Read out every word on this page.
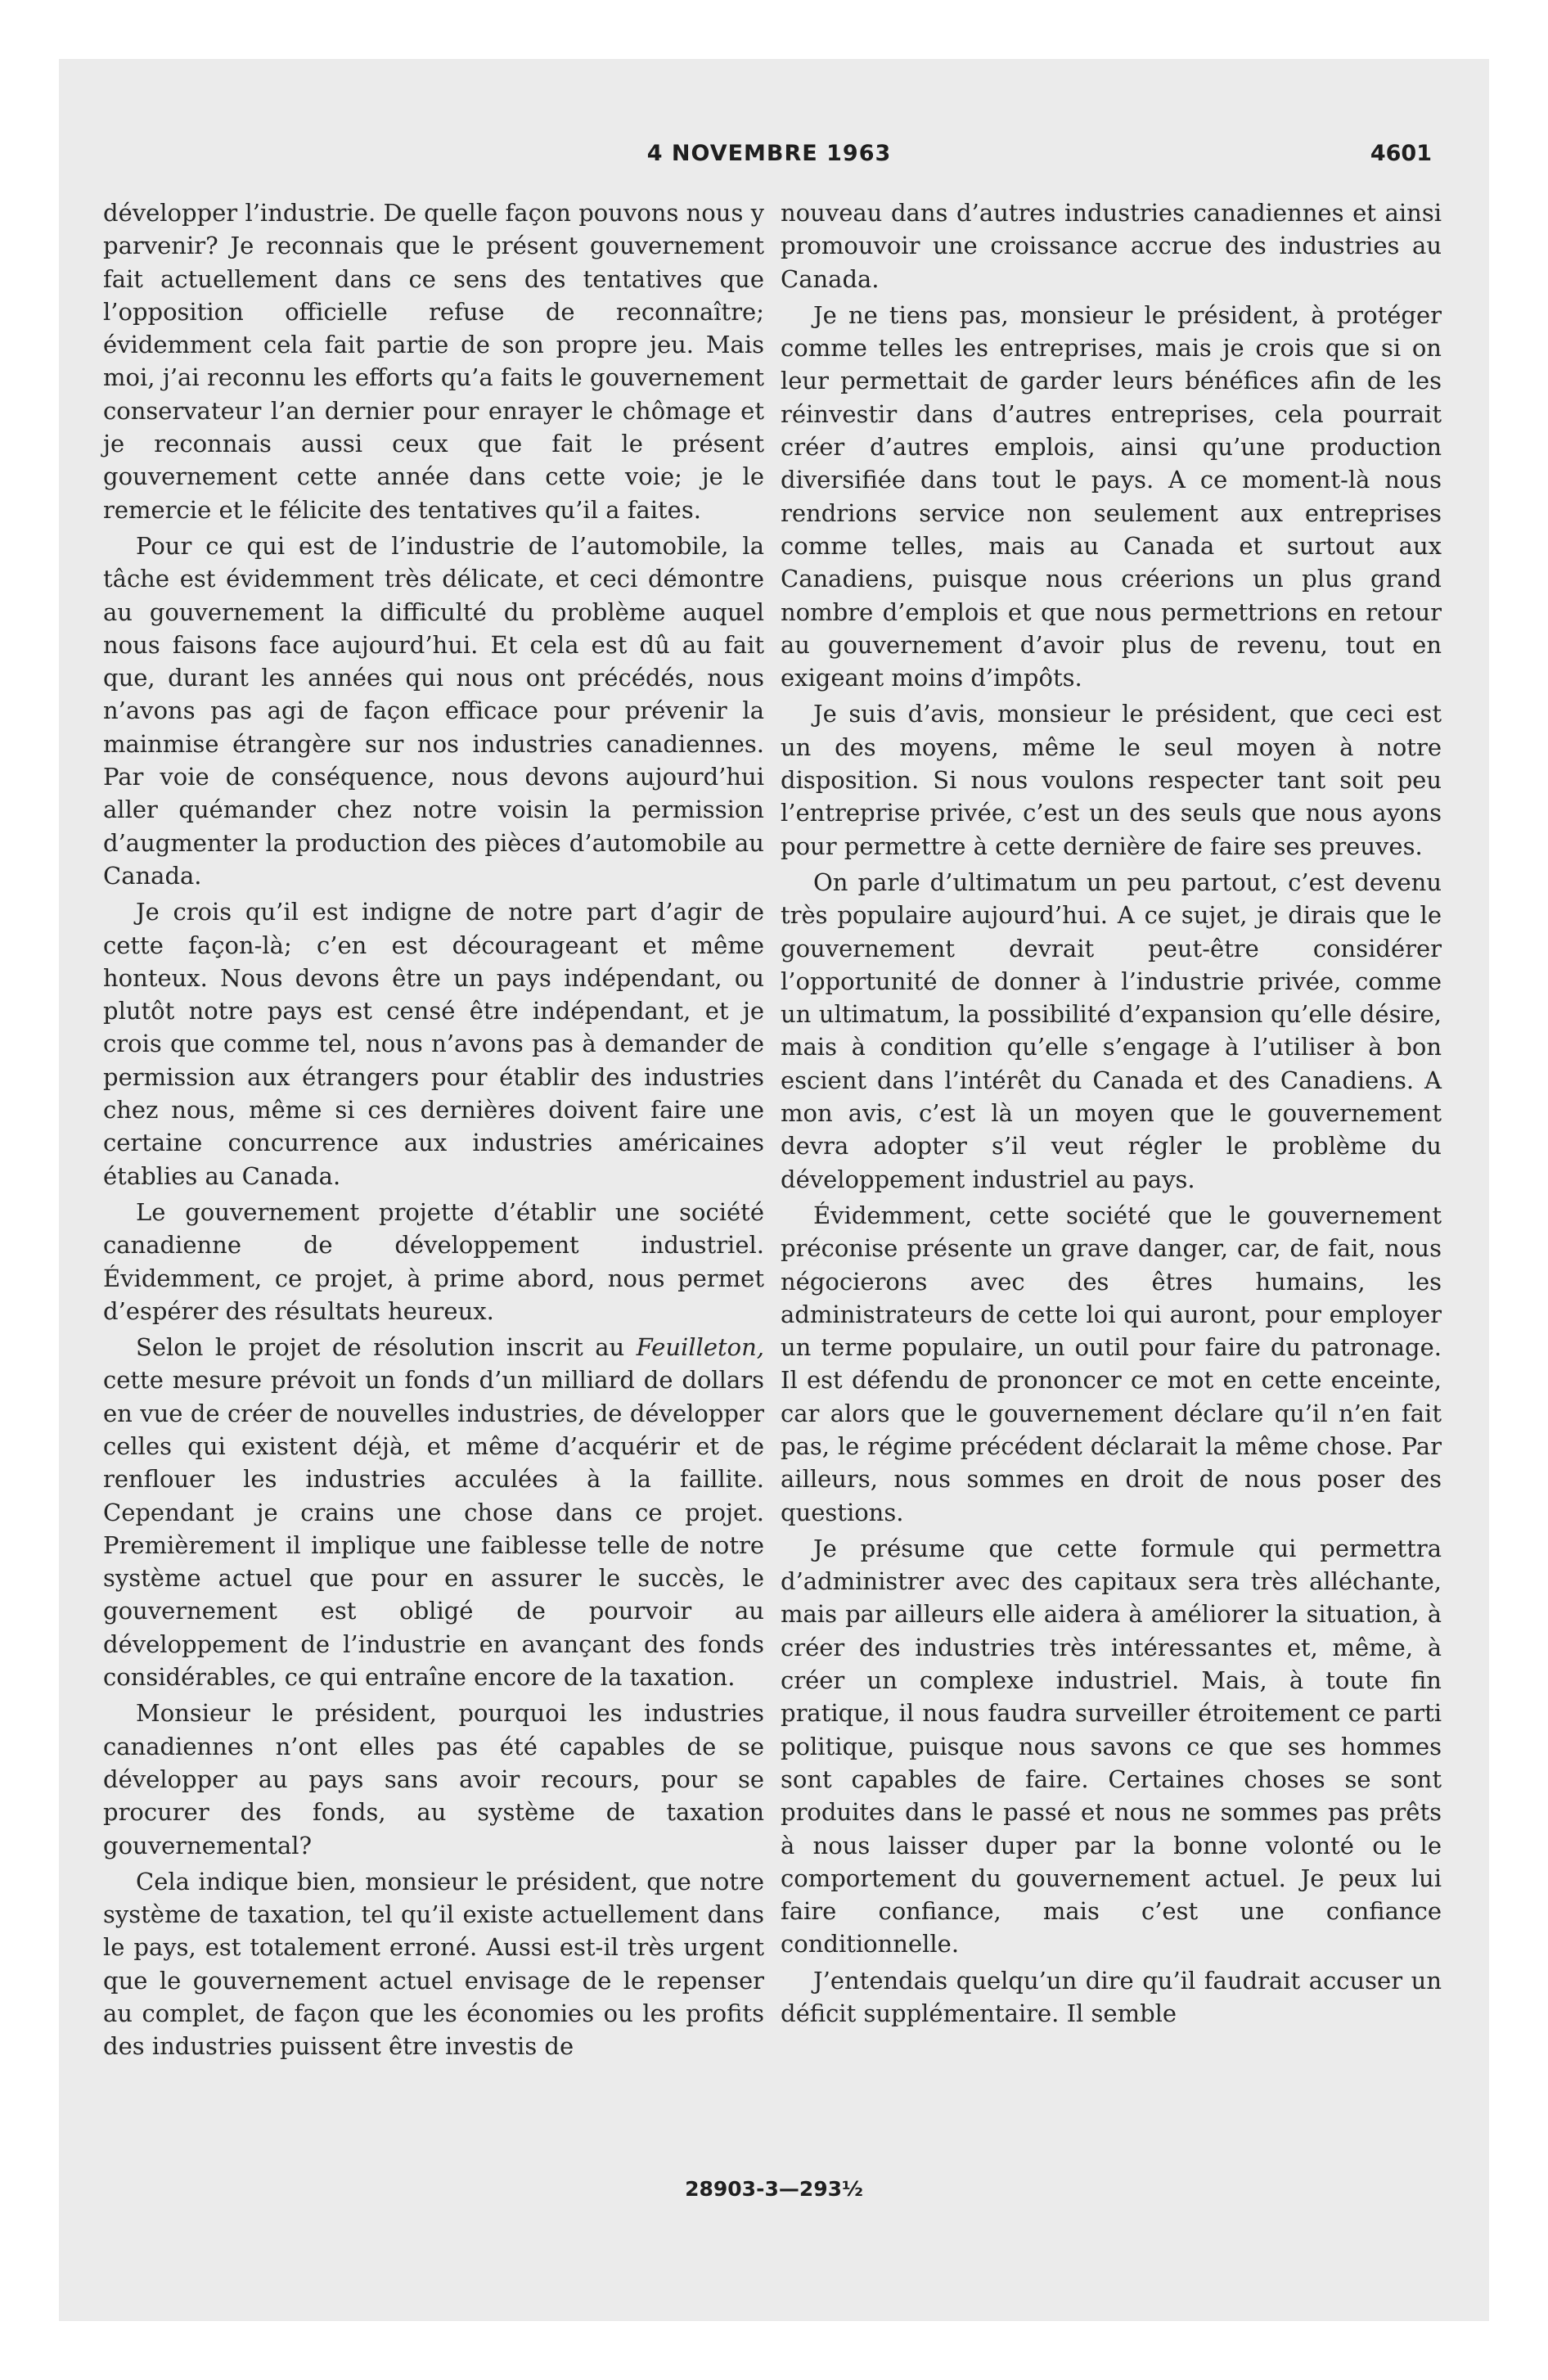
4 NOVEMBRE 1963	4601

développer l’industrie. De quelle façon pouvons nous y parvenir? Je reconnais que le présent gouvernement fait actuellement dans ce sens des tentatives que l’opposition officielle refuse de reconnaître; évidemment cela fait partie de son propre jeu. Mais moi, j’ai reconnu les efforts qu’a faits le gouvernement conservateur l’an dernier pour enrayer le chômage et je reconnais aussi ceux que fait le présent gouvernement cette année dans cette voie; je le remercie et le félicite des tentatives qu’il a faites.

Pour ce qui est de l’industrie de l’automobile, la tâche est évidemment très délicate, et ceci démontre au gouvernement la difficulté du problème auquel nous faisons face aujourd’hui. Et cela est dû au fait que, durant les années qui nous ont précédés, nous n’avons pas agi de façon efficace pour prévenir la mainmise étrangère sur nos industries canadiennes. Par voie de conséquence, nous devons aujourd’hui aller quémander chez notre voisin la permission d’augmenter la production des pièces d’automobile au Canada.

Je crois qu’il est indigne de notre part d’agir de cette façon-là; c’en est décourageant et même honteux. Nous devons être un pays indépendant, ou plutôt notre pays est censé être indépendant, et je crois que comme tel, nous n’avons pas à demander de permission aux étrangers pour établir des industries chez nous, même si ces dernières doivent faire une certaine concurrence aux industries américaines établies au Canada.

Le gouvernement projette d’établir une société canadienne de développement industriel. Évidemment, ce projet, à prime abord, nous permet d’espérer des résultats heureux.

Selon le projet de résolution inscrit au Feuilleton, cette mesure prévoit un fonds d’un milliard de dollars en vue de créer de nouvelles industries, de développer celles qui existent déjà, et même d’acquérir et de renflouer les industries acculées à la faillite. Cependant je crains une chose dans ce projet. Premièrement il implique une faiblesse telle de notre système actuel que pour en assurer le succès, le gouvernement est obligé de pourvoir au développement de l’industrie en avançant des fonds considérables, ce qui entraîne encore de la taxation.

Monsieur le président, pourquoi les industries canadiennes n’ont elles pas été capables de se développer au pays sans avoir recours, pour se procurer des fonds, au système de taxation gouvernemental?

Cela indique bien, monsieur le président, que notre système de taxation, tel qu’il existe actuellement dans le pays, est totalement erroné. Aussi est-il très urgent que le gouvernement actuel envisage de le repenser au complet, de façon que les économies ou les profits des industries puissent être investis de

nouveau dans d’autres industries canadiennes et ainsi promouvoir une croissance accrue des industries au Canada.

Je ne tiens pas, monsieur le président, à protéger comme telles les entreprises, mais je crois que si on leur permettait de garder leurs bénéfices afin de les réinvestir dans d’autres entreprises, cela pourrait créer d’autres emplois, ainsi qu’une production diversifiée dans tout le pays. A ce moment-là nous rendrions service non seulement aux entreprises comme telles, mais au Canada et surtout aux Canadiens, puisque nous créerions un plus grand nombre d’emplois et que nous permettrions en retour au gouvernement d’avoir plus de revenu, tout en exigeant moins d’impôts.

Je suis d’avis, monsieur le président, que ceci est un des moyens, même le seul moyen à notre disposition. Si nous voulons respecter tant soit peu l’entreprise privée, c’est un des seuls que nous ayons pour permettre à cette dernière de faire ses preuves.

On parle d’ultimatum un peu partout, c’est devenu très populaire aujourd’hui. A ce sujet, je dirais que le gouvernement devrait peut-être considérer l’opportunité de donner à l’industrie privée, comme un ultimatum, la possibilité d’expansion qu’elle désire, mais à condition qu’elle s’engage à l’utiliser à bon escient dans l’intérêt du Canada et des Canadiens. A mon avis, c’est là un moyen que le gouvernement devra adopter s’il veut régler le problème du développement industriel au pays.

Évidemment, cette société que le gouvernement préconise présente un grave danger, car, de fait, nous négocierons avec des êtres humains, les administrateurs de cette loi qui auront, pour employer un terme populaire, un outil pour faire du patronage. Il est défendu de prononcer ce mot en cette enceinte, car alors que le gouvernement déclare qu’il n’en fait pas, le régime précédent déclarait la même chose. Par ailleurs, nous sommes en droit de nous poser des questions.

Je présume que cette formule qui permettra d’administrer avec des capitaux sera très alléchante, mais par ailleurs elle aidera à améliorer la situation, à créer des industries très intéressantes et, même, à créer un complexe industriel. Mais, à toute fin pratique, il nous faudra surveiller étroitement ce parti politique, puisque nous savons ce que ses hommes sont capables de faire. Certaines choses se sont produites dans le passé et nous ne sommes pas prêts à nous laisser duper par la bonne volonté ou le comportement du gouvernement actuel. Je peux lui faire confiance, mais c’est une confiance conditionnelle.

J’entendais quelqu’un dire qu’il faudrait accuser un déficit supplémentaire. Il semble

28903-3—293½
